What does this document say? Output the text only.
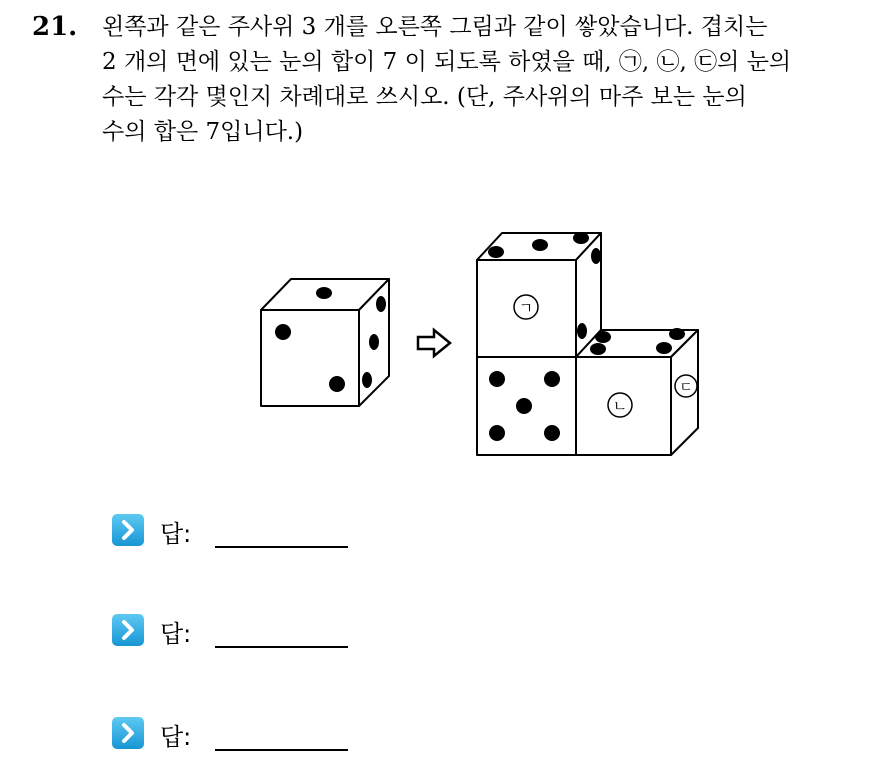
21. 왼쪽과 같은 주사위 3 개를 오른쪽 그림과 같이 쌓았습니다. 겹치는
2 개의 면에 있는 눈의 합이 7 이 되도록 하였을 때, ㉠, ㉡, ㉢의 눈의
수는 각각 몇인지 차례대로 쓰시오. (단, 주사위의 마주 보는 눈의
수의 합은 7입니다.)

ㄱ
ㄴ
ㄷ
답:
답:
답:
